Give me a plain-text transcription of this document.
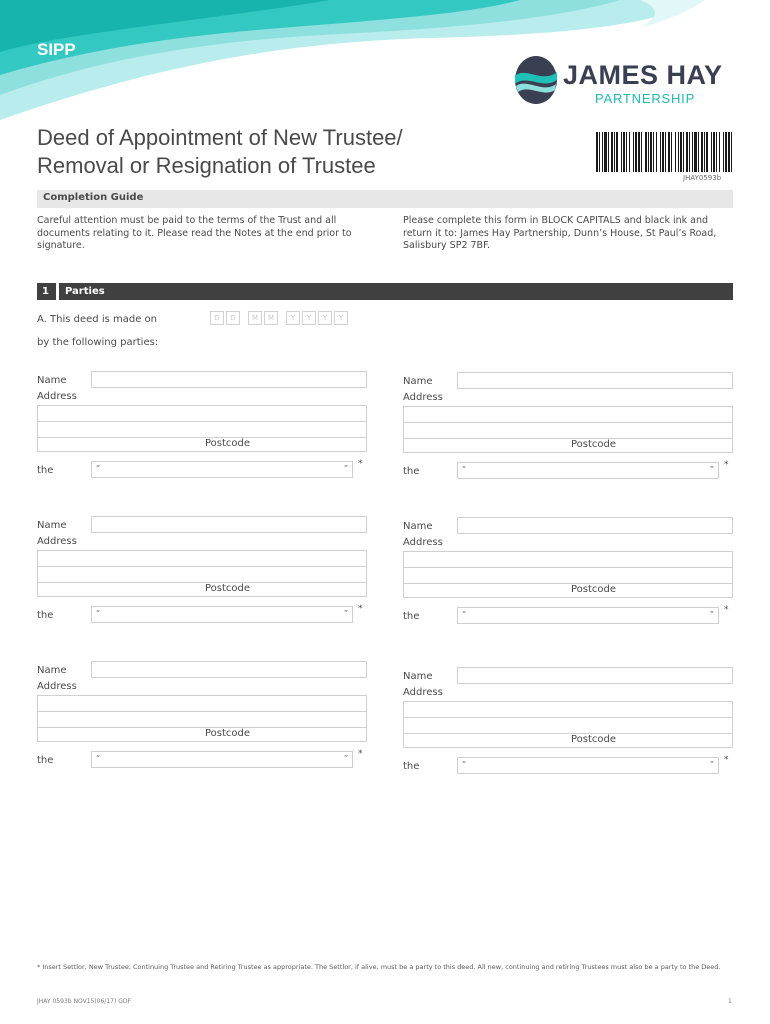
SIPP
JAMES HAY
PARTNERSHIP
Deed of Appointment of New Trustee/
Removal or Resignation of Trustee	JHAY0593b
Completion Guide
Careful attention must be paid to the terms of the Trust and all documents relating to it. Please read the Notes at the end prior to signature.
Please complete this form in BLOCK CAPITALS and black ink and return it to: James Hay Partnership, Dunn’s House, St Paul’s Road, Salisbury SP2 7BF.
1	Parties
A. This deed is made on	D	D	M	M	Y	Y	Y	Y
by the following parties:
Name
Address
Postcode
the	“	” *
Name
Address
Postcode
the	“	” *
Name
Address
Postcode
the	“	” *
Name
Address
Postcode
the	“	” *
Name
Address
Postcode
the	“	” *
Name
Address
Postcode
the	“	” *
* Insert Settlor, New Trustee, Continuing Trustee and Retiring Trustee as appropriate. The Settlor, if alive, must be a party to this deed. All new, continuing and retiring Trustees must also be a party to the Deed.
JHAY 0593b NOV15(06/17) GDF	1
